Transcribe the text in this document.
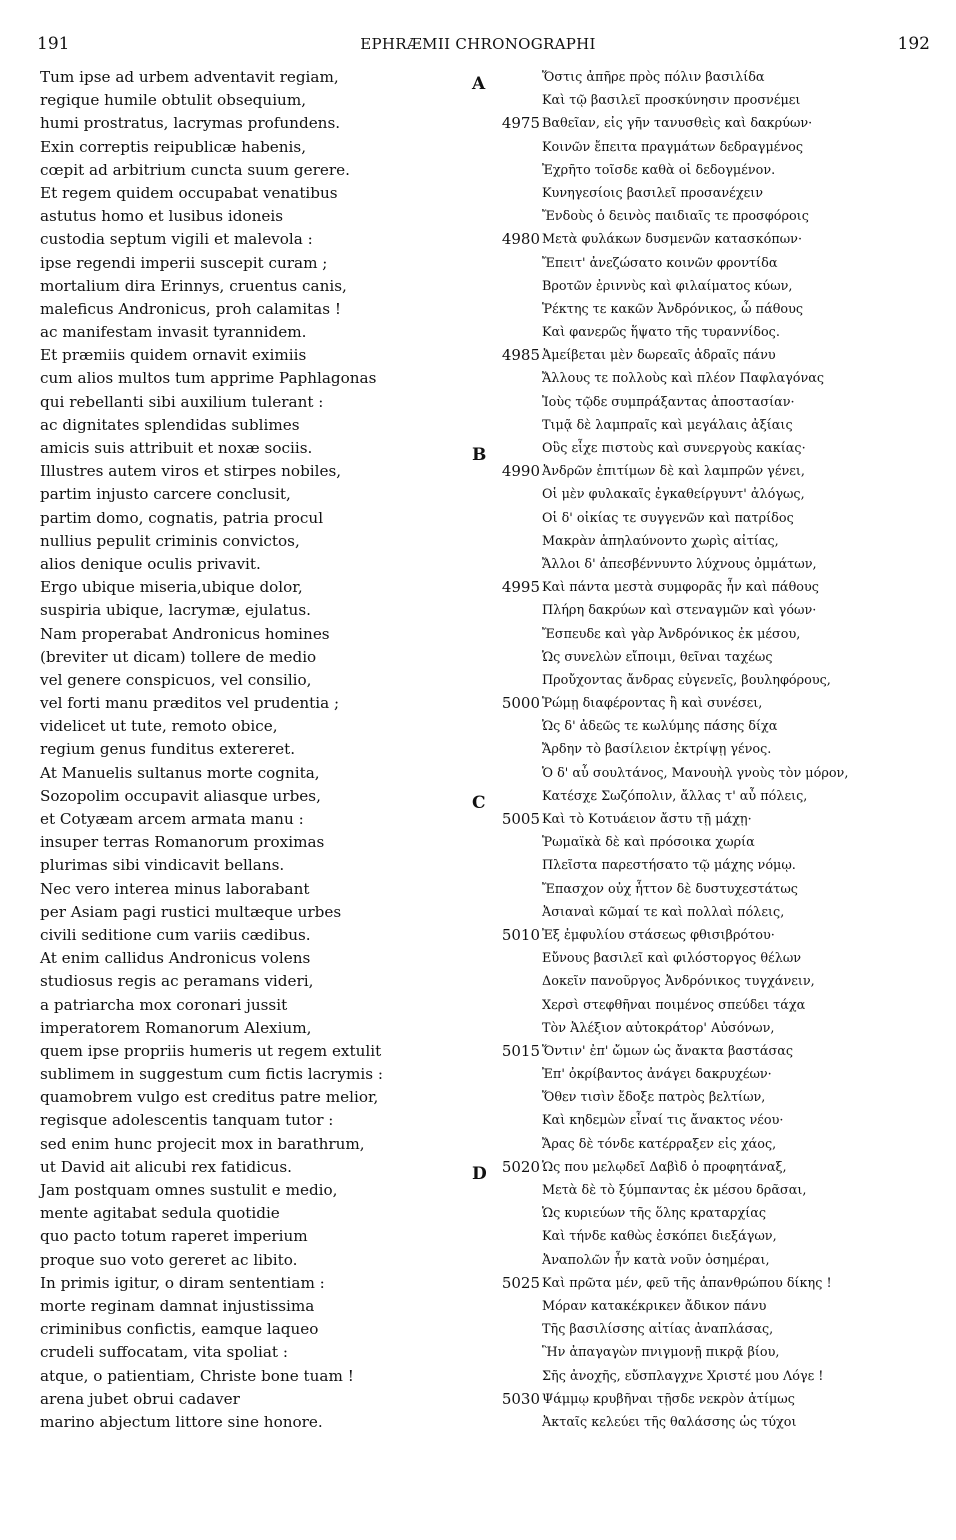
191	EPHRÆMII CHRONOGRAPHI	192
Tum ipse ad urbem adventavit regiam,
regique humile obtulit obsequium,
humi prostratus, lacrymas profundens.
Exin correptis reipublicæ habenis,
cœpit ad arbitrium cuncta suum gerere.
Et regem quidem occupabat venatibus
astutus homo et lusibus idoneis
custodia septum vigili et malevola :
ipse regendi imperii suscepit curam ;
mortalium dira Erinnys, cruentus canis,
maleficus Andronicus, proh calamitas !
ac manifestam invasit tyrannidem.
Et præmiis quidem ornavit eximiis
cum alios multos tum apprime Paphlagonas
qui rebellanti sibi auxilium tulerant :
ac dignitates splendidas sublimes
amicis suis attribuit et noxæ sociis.
Illustres autem viros et stirpes nobiles,
partim injusto carcere conclusit,
partim domo, cognatis, patria procul
nullius pepulit criminis convictos,
alios denique oculis privavit.
Ergo ubique miseria,ubique dolor,
suspiria ubique, lacrymæ, ejulatus.
Nam properabat Andronicus homines
(breviter ut dicam) tollere de medio
vel genere conspicuos, vel consilio,
vel forti manu præditos vel prudentia ;
videlicet ut tute, remoto obice,
regium genus funditus extereret.
At Manuelis sultanus morte cognita,
Sozopolim occupavit aliasque urbes,
et Cotyæam arcem armata manu :
insuper terras Romanorum proximas
plurimas sibi vindicavit bellans.
Nec vero interea minus laborabant
per Asiam pagi rustici multæque urbes
civili seditione cum variis cædibus.
At enim callidus Andronicus volens
studiosus regis ac peramans videri,
a patriarcha mox coronari jussit
imperatorem Romanorum Alexium,
quem ipse propriis humeris ut regem extulit
sublimem in suggestum cum fictis lacrymis :
quamobrem vulgo est creditus patre melior,
regisque adolescentis tanquam tutor :
sed enim hunc projecit mox in barathrum,
ut David ait alicubi rex fatidicus.
Jam postquam omnes sustulit e medio,
mente agitabat sedula quotidie
quo pacto totum raperet imperium
proque suo voto gereret ac libito.
In primis igitur, o diram sententiam :
morte reginam damnat injustissima
criminibus confictis, eamque laqueo
crudeli suffocatam, vita spoliat :
atque, o patientiam, Christe bone tuam !
arena jubet obrui cadaver
marino abjectum littore sine honore.
Ὅστις ἀπῆρε πρὸς πόλιν βασιλίδα
Καὶ τῷ βασιλεῖ προσκύνησιν προσνέμει
4975 Βαθεῖαν, εἰς γῆν τανυσθεὶς καὶ δακρύων·
Κοινῶν ἔπειτα πραγμάτων δεδραγμένος
Ἐχρῆτο τοῖσδε καθὰ οἱ δεδογμένον.
Κυνηγεσίοις βασιλεῖ προσανέχειν
Ἔνδοὺς ὁ δεινὸς παιδιαῖς τε προσφόροις
4980 Μετὰ φυλάκων δυσμενῶν κατασκόπων·
Ἔπειτ' ἀνεζώσατο κοινῶν φροντίδα
Βροτῶν ἐριννὺς καὶ φιλαίματος κύων,
Ῥέκτης τε κακῶν Ἀνδρόνικος, ὦ πάθους
Καὶ φανερῶς ἥψατο τῆς τυραννίδος.
4985 Ἀμείβεται μὲν δωρεαῖς ἁδραῖς πάνυ
Ἄλλους τε πολλοὺς καὶ πλέον Παφλαγόνας
Ἰοὺς τῷδε συμπράξαντας ἀποστασίαν·
Τιμᾷ δὲ λαμπραῖς καὶ μεγάλαις ἀξίαις
Οὓς εἶχε πιστοὺς καὶ συνεργοὺς κακίας·
4990 Ἀνδρῶν ἐπιτίμων δὲ καὶ λαμπρῶν γένει,
Οἱ μὲν φυλακαῖς ἐγκαθείργυντ' ἀλόγως,
Οἱ δ' οἰκίας τε συγγενῶν καὶ πατρίδος
Μακρὰν ἀπηλαύνοντο χωρὶς αἰτίας,
Ἄλλοι δ' ἀπεσβέννυντο λύχνους ὀμμάτων,
4995 Καὶ πάντα μεστὰ συμφορᾶς ἦν καὶ πάθους
Πλήρη δακρύων καὶ στεναγμῶν καὶ γόων·
Ἔσπευδε καὶ γὰρ Ἀνδρόνικος ἐκ μέσου,
Ὡς συνελὼν εἴποιμι, θεῖναι ταχέως
Προὔχοντας ἄνδρας εὐγενεῖς, βουληφόρους,
5000 Ῥώμῃ διαφέροντας ἢ καὶ συνέσει,
Ὡς δ' ἀδεῶς τε κωλύμης πάσης δίχα
Ἄρδην τὸ βασίλειον ἐκτρίψῃ γένος.
Ὁ δ' αὖ σουλτάνος, Μανουὴλ γνοὺς τὸν μόρον,
Κατέσχε Σωζόπολιν, ἄλλας τ' αὖ πόλεις,
5005 Καὶ τὸ Κοτυάειον ἄστυ τῇ μάχῃ·
Ῥωμαϊκὰ δὲ καὶ πρόσοικα χωρία
Πλεῖστα παρεστήσατο τῷ μάχης νόμῳ.
Ἔπασχον οὐχ ἧττον δὲ δυστυχεστάτως
Ἀσιαναὶ κῶμαί τε καὶ πολλαὶ πόλεις,
5010 Ἐξ ἐμφυλίου στάσεως φθισιβρότου·
Εὔνους βασιλεῖ καὶ φιλόστοργος θέλων
Δοκεῖν πανοῦργος Ἀνδρόνικος τυγχάνειν,
Χερσὶ στεφθῆναι ποιμένος σπεύδει τάχα
Τὸν Ἀλέξιον αὐτοκράτορ' Αὐσόνων,
5015 Ὅντιν' ἐπ' ὤμων ὡς ἄνακτα βαστάσας
Ἐπ' ὀκρίβαντος ἀνάγει δακρυχέων·
Ὅθεν τισὶν ἔδοξε πατρὸς βελτίων,
Καὶ κηδεμὼν εἶναί τις ἄνακτος νέου·
Ἄρας δὲ τόνδε κατέρραξεν εἰς χάος,
5020 Ὡς που μελῳδεῖ Δαβὶδ ὁ προφητάναξ,
Μετὰ δὲ τὸ ξύμπαντας ἐκ μέσου δρᾶσαι,
Ὡς κυριεύων τῆς ὅλης κραταρχίας
Καὶ τήνδε καθὼς ἐσκόπει διεξάγων,
Ἀναπολῶν ἦν κατὰ νοῦν ὁσημέραι,
5025 Καὶ πρῶτα μέν, φεῦ τῆς ἀπανθρώπου δίκης !
Μόραν κατακέκρικεν ἄδικον πάνυ
Τῆς βασιλίσσης αἰτίας ἀναπλάσας,
Ἣν ἀπαγαγὼν πνιγμονῇ πικρᾷ βίου,
Σῆς ἀνοχῆς, εὔσπλαγχνε Χριστέ μου Λόγε !
5030 Ψάμμῳ κρυβῆναι τῇσδε νεκρὸν ἀτίμως
Ἀκταῖς κελεύει τῆς θαλάσσης ὡς τύχοι
A
B
C
D
